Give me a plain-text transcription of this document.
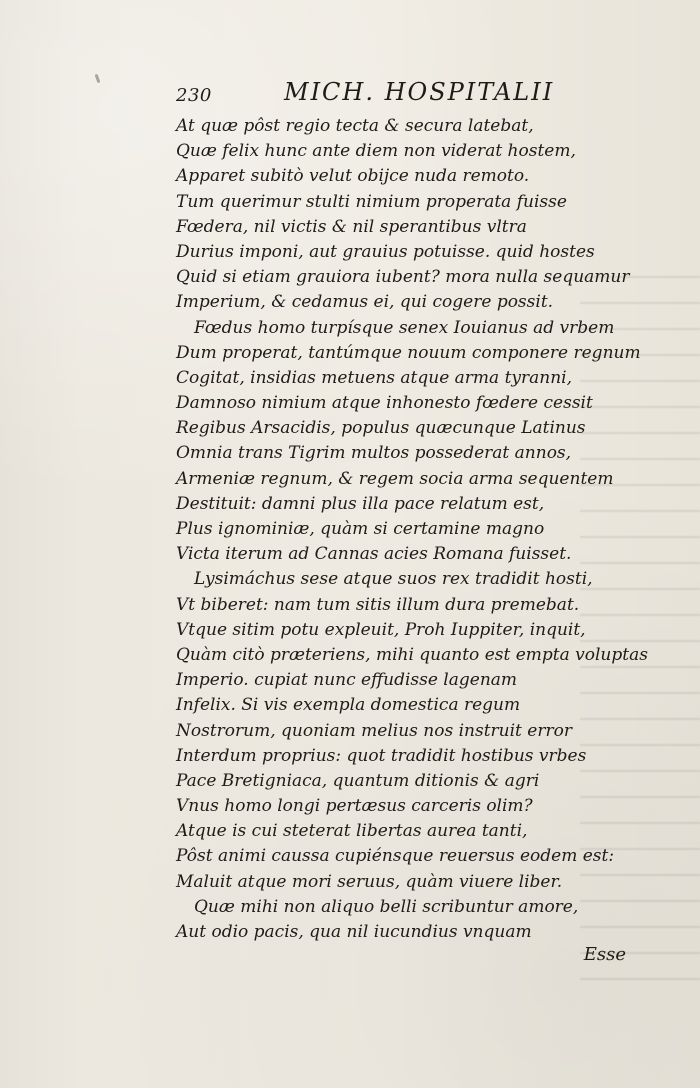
230	MICH. HOSPITALII
At quæ pôst regio tecta & secura latebat,
Quæ felix hunc ante diem non viderat hostem,
Apparet subitò velut obijce nuda remoto.
Tum querimur stulti nimium properata fuisse
Fœdera, nil victis & nil sperantibus vltra
Durius imponi, aut grauius potuisse. quid hostes
Quid si etiam grauiora iubent? mora nulla sequamur
Imperium, & cedamus ei, qui cogere possit.
Fœdus homo turpísque senex Iouianus ad vrbem
Dum properat, tantúmque nouum componere regnum
Cogitat, insidias metuens atque arma tyranni,
Damnoso nimium atque inhonesto fœdere cessit
Regibus Arsacidis, populus quæcunque Latinus
Omnia trans Tigrim multos possederat annos,
Armeniæ regnum, & regem socia arma sequentem
Destituit: damni plus illa pace relatum est,
Plus ignominiæ, quàm si certamine magno
Victa iterum ad Cannas acies Romana fuisset.
Lysimáchus sese atque suos rex tradidit hosti,
Vt biberet: nam tum sitis illum dura premebat.
Vtque sitim potu expleuit, Proh Iuppiter, inquit,
Quàm citò præteriens, mihi quanto est empta voluptas
Imperio. cupiat nunc effudisse lagenam
Infelix. Si vis exempla domestica regum
Nostrorum, quoniam melius nos instruit error
Interdum proprius: quot tradidit hostibus vrbes
Pace Bretigniaca, quantum ditionis & agri
Vnus homo longi pertæsus carceris olim?
Atque is cui steterat libertas aurea tanti,
Pôst animi caussa cupiénsque reuersus eodem est:
Maluit atque mori seruus, quàm viuere liber.
Quæ mihi non aliquo belli scribuntur amore,
Aut odio pacis, qua nil iucundius vnquam
Esse
